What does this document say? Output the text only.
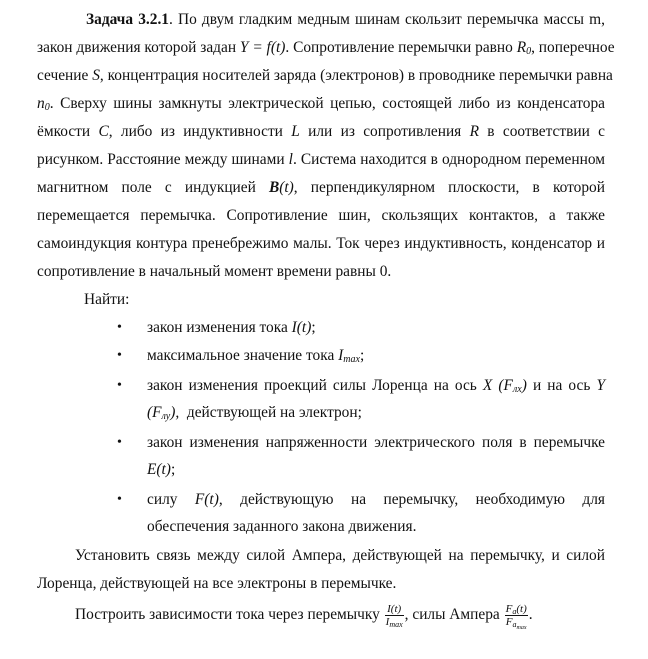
Задача 3.2.1. По двум гладким медным шинам скользит перемычка массы m,
закон движения которой задан Y = f(t). Сопротивление перемычки равно $R_0$, поперечное
сечение S, концентрация носителей заряда (электронов) в проводнике перемычки равна
$n_0$. Сверху шины замкнуты электрической цепью, состоящей либо из конденсатора
ёмкости C, либо из индуктивности L или из сопротивления R в соответствии с
рисунком. Расстояние между шинами l. Система находится в однородном переменном
магнитном поле с индукцией B(t), перпендикулярном плоскости, в которой
перемещается перемычка. Сопротивление шин, скользящих контактов, а также
самоиндукция контура пренебрежимо малы. Ток через индуктивность, конденсатор и
сопротивление в начальный момент времени равны 0.
Найти:
• закон изменения тока I(t);
• максимальное значение тока $I_{max}$;
• закон изменения проекций силы Лоренца на ось X $(F_{лх})$ и на ось Y
$(F_{лу})$,  действующей на электрон;
• закон изменения напряженности электрического поля в перемычке
E(t);
• силу F(t), действующую на перемычку, необходимую для
обеспечения заданного закона движения.
Установить связь между силой Ампера, действующей на перемычку, и силой
Лоренца, действующей на все электроны в перемычке.
Построить зависимости тока через перемычку $\frac{I(t)}{I_{max}}$ , силы Ампера $\frac{F_a(t)}{F_{a_{max}}}$ .
